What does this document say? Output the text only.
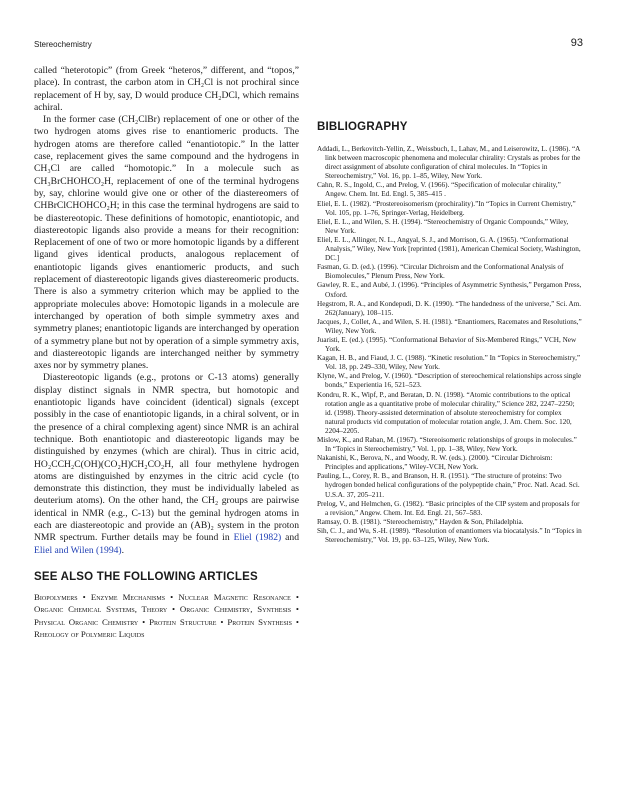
Stereochemistry	93

called “heterotopic” (from Greek “heteros,” different, and “topos,” place). In contrast, the carbon atom in CH₂Cl is not prochiral since replacement of H by, say, D would produce CH₂DCl, which remains achiral.

In the former case (CH₂ClBr) replacement of one or other of the two hydrogen atoms gives rise to enantiomeric products. The hydrogen atoms are therefore called “enantiotopic.” In the latter case, replacement gives the same compound and the hydrogens in CH₃Cl are called “homotopic.” In a molecule such as CH₃BrCHOHCO₂H, replacement of one of the terminal hydrogens by, say, chlorine would give one or other of the diastereomers of CHBrClCHOHCO₂H; in this case the terminal hydrogens are said to be diastereotopic. These definitions of homotopic, enantiotopic, and diastereotopic ligands also provide a means for their recognition: Replacement of one of two or more homotopic ligands by a different ligand gives identical products, analogous replacement of enantiotopic ligands gives enantiomeric products, and such replacement of diastereotopic ligands gives diastereomeric products. There is also a symmetry criterion which may be applied to the appropriate molecules above: Homotopic ligands in a molecule are interchanged by operation of both simple symmetry axes and symmetry planes; enantiotopic ligands are interchanged by operation of a symmetry plane but not by operation of a simple symmetry axis, and diastereotopic ligands are interchanged neither by symmetry axes nor by symmetry planes.

Diastereotopic ligands (e.g., protons or C-13 atoms) generally display distinct signals in NMR spectra, but homotopic and enantiotopic ligands have coincident (identical) signals (except possibly in the case of enantiotopic ligands, in a chiral solvent, or in the presence of a chiral complexing agent) since NMR is an achiral technique. Both enantiotopic and diastereotopic ligands may be distinguished by enzymes (which are chiral). Thus in citric acid, HO₂CCH₂C(OH)(CO₂H)CH₂CO₂H, all four methylene hydrogen atoms are distinguished by enzymes in the citric acid cycle (to demonstrate this distinction, they must be individually labeled as deuterium atoms). On the other hand, the CH₂ groups are pairwise identical in NMR (e.g., C-13) but the geminal hydrogen atoms in each are diastereotopic and provide an (AB)₂ system in the proton NMR spectrum. Further details may be found in Eliel (1982) and Eliel and Wilen (1994).

SEE ALSO THE FOLLOWING ARTICLES

Biopolymers • Enzyme Mechanisms • Nuclear Magnetic Resonance • Organic Chemical Systems, Theory • Organic Chemistry, Synthesis • Physical Organic Chemistry • Protein Structure • Protein Synthesis • Rheology of Polymeric Liquids

BIBLIOGRAPHY

Addadi, L., Berkovitch-Yellin, Z., Weissbuch, I., Lahav, M., and Leiserowitz, L. (1986). “A link between macroscopic phenomena and molecular chirality: Crystals as probes for the direct assignment of absolute configuration of chiral molecules. In “Topics in Stereochemistry,” Vol. 16, pp. 1–85, Wiley, New York.

Cahn, R. S., Ingold, C., and Prelog, V. (1966). “Specification of molecular chirality,” Angew. Chem. Int. Ed. Engl. 5, 385–415 .

Eliel, E. L. (1982). “Prostereoisomerism (prochirality).”In “Topics in Current Chemistry,” Vol. 105, pp. 1–76, Springer-Verlag, Heidelberg.

Eliel, E. L., and Wilen, S. H. (1994). “Stereochemistry of Organic Compounds,” Wiley, New York.

Eliel, E. L., Allinger, N. L., Angyal, S. J., and Morrison, G. A. (1965). “Conformational Analysis,” Wiley, New York [reprinted (1981), American Chemical Society, Washington, DC.]

Fasman, G. D. (ed.). (1996). “Circular Dichroism and the Conformational Analysis of Biomolecules,” Plenum Press, New York.

Gawley, R. E., and Aubé, J. (1996). “Principles of Asymmetric Synthesis,” Pergamon Press, Oxford.

Hegstrom, R. A., and Kondepudi, D. K. (1990). “The handedness of the universe,” Sci. Am. 262(January), 108–115.

Jacques, J., Collet, A., and Wilen, S. H. (1981). “Enantiomers, Racemates and Resolutions,” Wiley, New York.

Juaristi, E. (ed.). (1995). “Conformational Behavior of Six-Membered Rings,” VCH, New York.

Kagan, H. B., and Fiaud, J. C. (1988). “Kinetic resolution.” In “Topics in Stereochemistry,” Vol. 18, pp. 249–330, Wiley, New York.

Klyne, W., and Prelog, V. (1960). “Description of stereochemical relationships across single bonds,” Experientia 16, 521–523.

Kondru, R. K., Wipf, P., and Beratan, D. N. (1998). “Atomic contributions to the optical rotation angle as a quantitative probe of molecular chirality,” Science 282, 2247–2250; id. (1998). Theory-assisted determination of absolute stereochemistry for complex natural products vid computation of molecular rotation angle, J. Am. Chem. Soc. 120, 2204–2205.

Mislow, K., and Raban, M. (1967). “Stereoisomeric relationships of groups in molecules.” In “Topics in Stereochemistry,” Vol. 1, pp. 1–38, Wiley, New York.

Nakanishi, K., Berova, N., and Woody, R. W. (eds.). (2000). “Circular Dichroism: Principles and applications,” Wiley-VCH, New York.

Pauling, L., Corey, R. B., and Branson, H. R. (1951). “The structure of proteins: Two hydrogen bonded helical configurations of the polypeptide chain,” Proc. Natl. Acad. Sci. U.S.A. 37, 205–211.

Prelog, V., and Helmchen, G. (1982). “Basic principles of the CIP system and proposals for a revision,” Angew. Chem. Int. Ed. Engl. 21, 567–583.

Ramsay, O. B. (1981). “Stereochemistry,” Hayden & Son, Philadelphia.

Sih, C. J., and Wu, S.-H. (1989). “Resolution of enantiomers via biocatalysis.” In “Topics in Stereochemistry,” Vol. 19, pp. 63–125, Wiley, New York.
